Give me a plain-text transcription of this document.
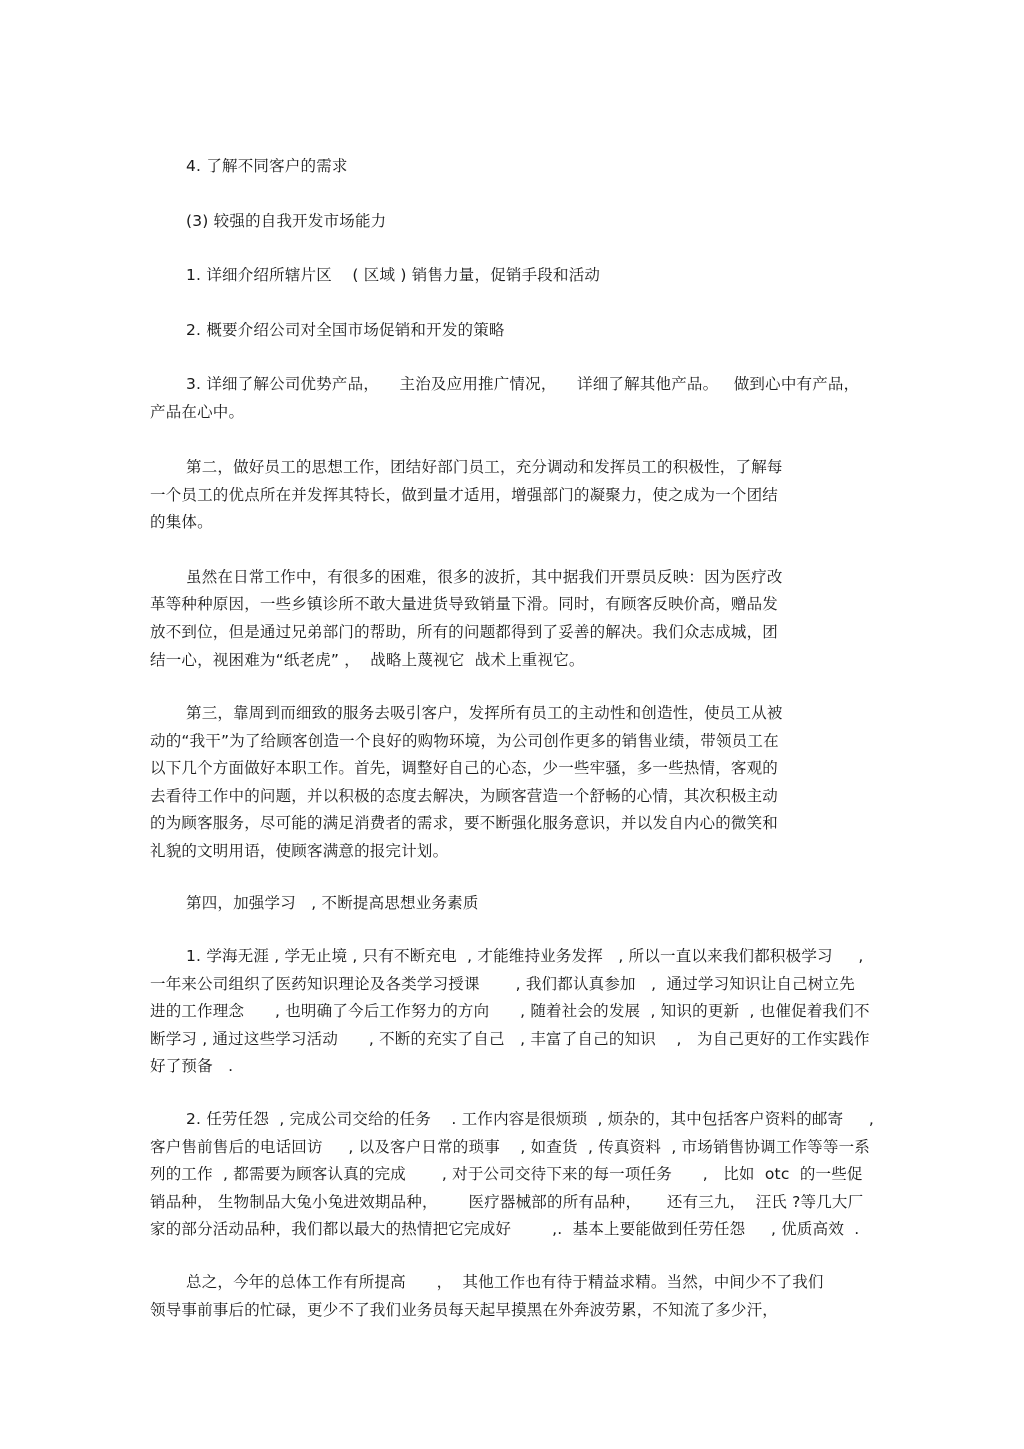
4. 了解不同客户的需求
(3) 较强的自我开发市场能力
1. 详细介绍所辖片区    ( 区域 ) 销售力量，促销手段和活动
2. 概要介绍公司对全国市场促销和开发的策略
3. 详细了解公司优势产品，    主治及应用推广情况，    详细了解其他产品。   做到心中有产品，
产品在心中。
第二，做好员工的思想工作，团结好部门员工，充分调动和发挥员工的积极性，了解每
一个员工的优点所在并发挥其特长，做到量才适用，增强部门的凝聚力，使之成为一个团结
的集体。
虽然在日常工作中，有很多的困难，很多的波折，其中据我们开票员反映：因为医疗改
革等种种原因，一些乡镇诊所不敢大量进货导致销量下滑。同时，有顾客反映价高，赠品发
放不到位，但是通过兄弟部门的帮助，所有的问题都得到了妥善的解决。我们众志成城，团
结一心，视困难为“纸老虎” ，  战略上蔑视它  战术上重视它。
第三，靠周到而细致的服务去吸引客户，发挥所有员工的主动性和创造性，使员工从被
动的“我干”为了给顾客创造一个良好的购物环境，为公司创作更多的销售业绩，带领员工在
以下几个方面做好本职工作。首先，调整好自己的心态，少一些牢骚，多一些热情，客观的
去看待工作中的问题，并以积极的态度去解决，为顾客营造一个舒畅的心情，其次积极主动
的为顾客服务，尽可能的满足消费者的需求，要不断强化服务意识，并以发自内心的微笑和
礼貌的文明用语，使顾客满意的报完计划。
第四，加强学习   , 不断提高思想业务素质
1. 学海无涯 , 学无止境 , 只有不断充电  , 才能维持业务发挥   , 所以一直以来我们都积极学习     ,
一年来公司组织了医药知识理论及各类学习授课       , 我们都认真参加   ,  通过学习知识让自己树立先
进的工作理念      , 也明确了今后工作努力的方向      , 随着社会的发展  , 知识的更新  , 也催促着我们不
断学习 , 通过这些学习活动      , 不断的充实了自己   , 丰富了自己的知识    ,   为自己更好的工作实践作
好了预备   .
2. 任劳任怨  , 完成公司交给的任务    . 工作内容是很烦琐  , 烦杂的，其中包括客户资料的邮寄     ,
客户售前售后的电话回访     , 以及客户日常的琐事    , 如查货  , 传真资料  , 市场销售协调工作等等一系
列的工作  , 都需要为顾客认真的完成       , 对于公司交待下来的每一项任务      ,   比如  otc  的一些促
销品种， 生物制品大兔小兔进效期品种，      医疗器械部的所有品种，     还有三九，  汪氏 ?等几大厂
家的部分活动品种，我们都以最大的热情把它完成好        ,.  基本上要能做到任劳任怨     , 优质高效  .
总之，今年的总体工作有所提高      ，  其他工作也有待于精益求精。当然，中间少不了我们
领导事前事后的忙碌，更少不了我们业务员每天起早摸黑在外奔波劳累，不知流了多少汗，
